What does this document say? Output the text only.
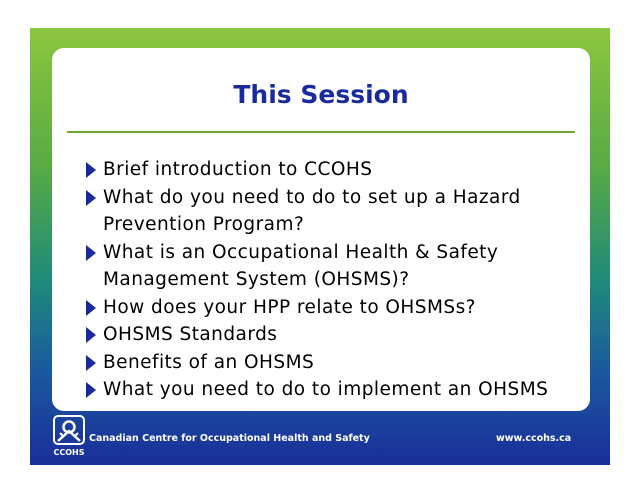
This Session
Brief introduction to CCOHS
What do you need to do to set up a Hazard
Prevention Program?
What is an Occupational Health & Safety
Management System (OHSMS)?
How does your HPP relate to OHSMSs?
OHSMS Standards
Benefits of an OHSMS
What you need to do to implement an OHSMS
CCOHS
Canadian Centre for Occupational Health and Safety	www.ccohs.ca
